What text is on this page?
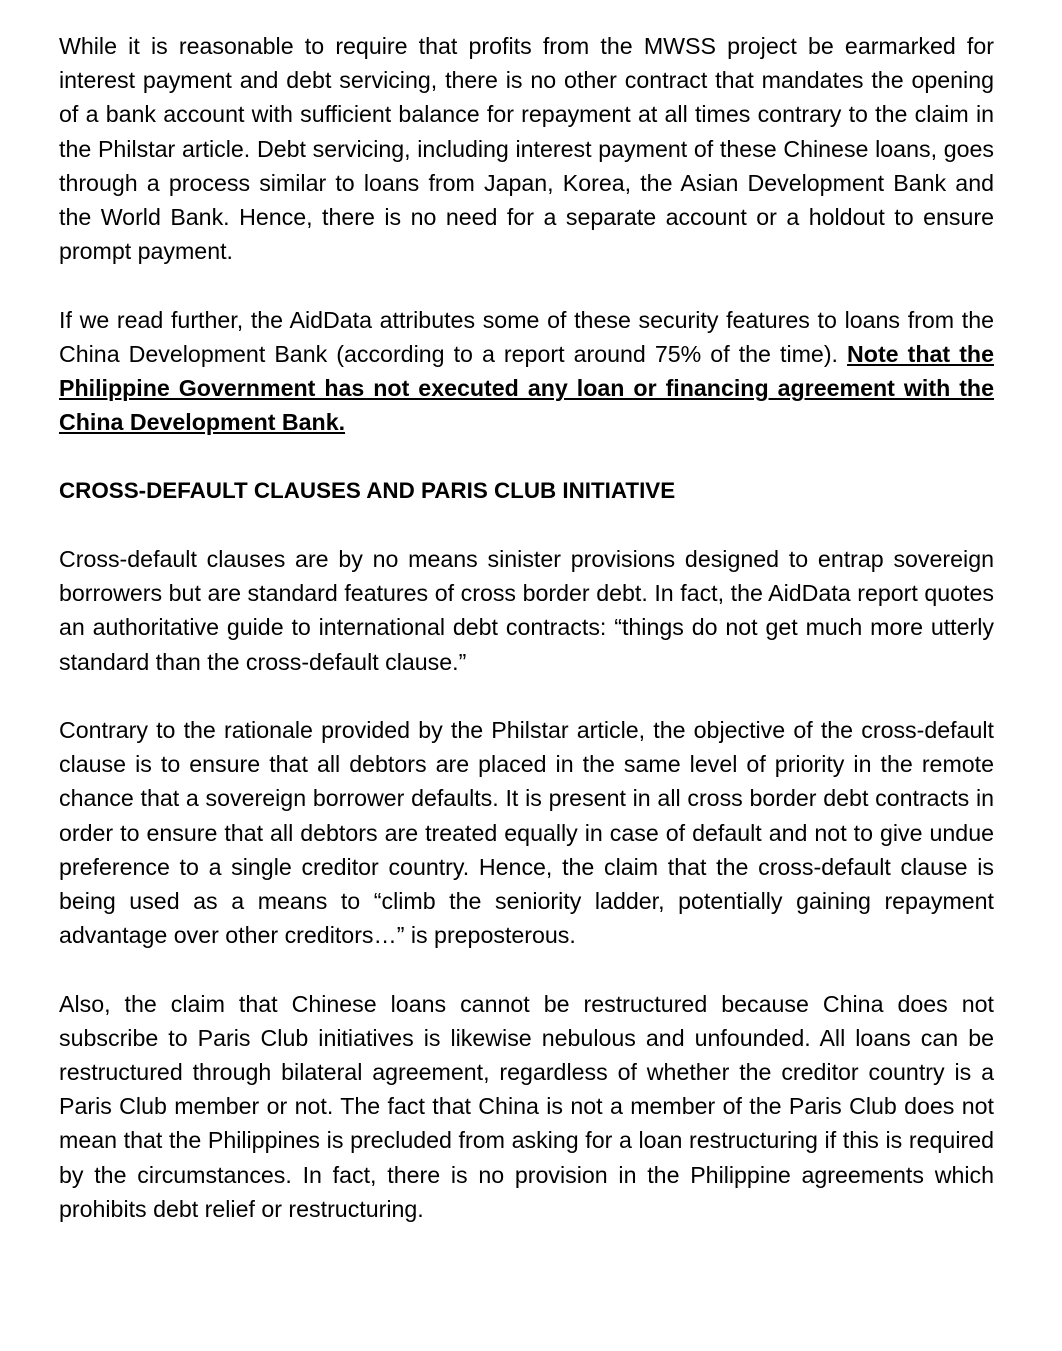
While it is reasonable to require that profits from the MWSS project be earmarked for interest payment and debt servicing, there is no other contract that mandates the opening of a bank account with sufficient balance for repayment at all times contrary to the claim in the Philstar article. Debt servicing, including interest payment of these Chinese loans, goes through a process similar to loans from Japan, Korea, the Asian Development Bank and the World Bank. Hence, there is no need for a separate account or a holdout to ensure prompt payment.

If we read further, the AidData attributes some of these security features to loans from the China Development Bank (according to a report around 75% of the time). Note that the Philippine Government has not executed any loan or financing agreement with the China Development Bank.

CROSS-DEFAULT CLAUSES AND PARIS CLUB INITIATIVE

Cross-default clauses are by no means sinister provisions designed to entrap sovereign borrowers but are standard features of cross border debt. In fact, the AidData report quotes an authoritative guide to international debt contracts: “things do not get much more utterly standard than the cross-default clause.”

Contrary to the rationale provided by the Philstar article, the objective of the cross-default clause is to ensure that all debtors are placed in the same level of priority in the remote chance that a sovereign borrower defaults. It is present in all cross border debt contracts in order to ensure that all debtors are treated equally in case of default and not to give undue preference to a single creditor country. Hence, the claim that the cross-default clause is being used as a means to “climb the seniority ladder, potentially gaining repayment advantage over other creditors…” is preposterous.

Also, the claim that Chinese loans cannot be restructured because China does not subscribe to Paris Club initiatives is likewise nebulous and unfounded. All loans can be restructured through bilateral agreement, regardless of whether the creditor country is a Paris Club member or not. The fact that China is not a member of the Paris Club does not mean that the Philippines is precluded from asking for a loan restructuring if this is required by the circumstances. In fact, there is no provision in the Philippine agreements which prohibits debt relief or restructuring.
